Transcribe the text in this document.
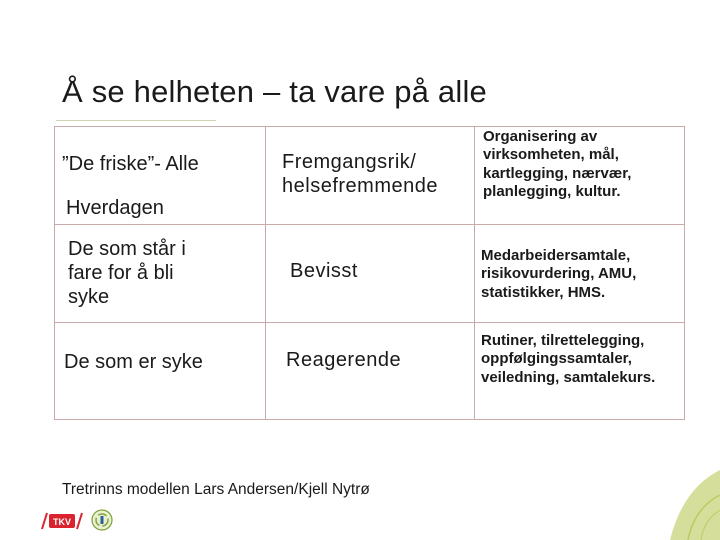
Å se helheten – ta vare på alle
”De friske”- Alle
Hverdagen
Fremgangsrik/
helsefremmende
Organisering av
virksomheten, mål,
kartlegging, nærvær,
planlegging, kultur.
De som står i
fare for å bli
syke
Bevisst
Medarbeidersamtale,
risikovurdering, AMU,
statistikker, HMS.
De som er syke	Reagerende
Rutiner, tilrettelegging,
oppfølgingssamtaler,
veiledning, samtalekurs.
Tretrinns modellen Lars Andersen/Kjell Nytrø
TKV
